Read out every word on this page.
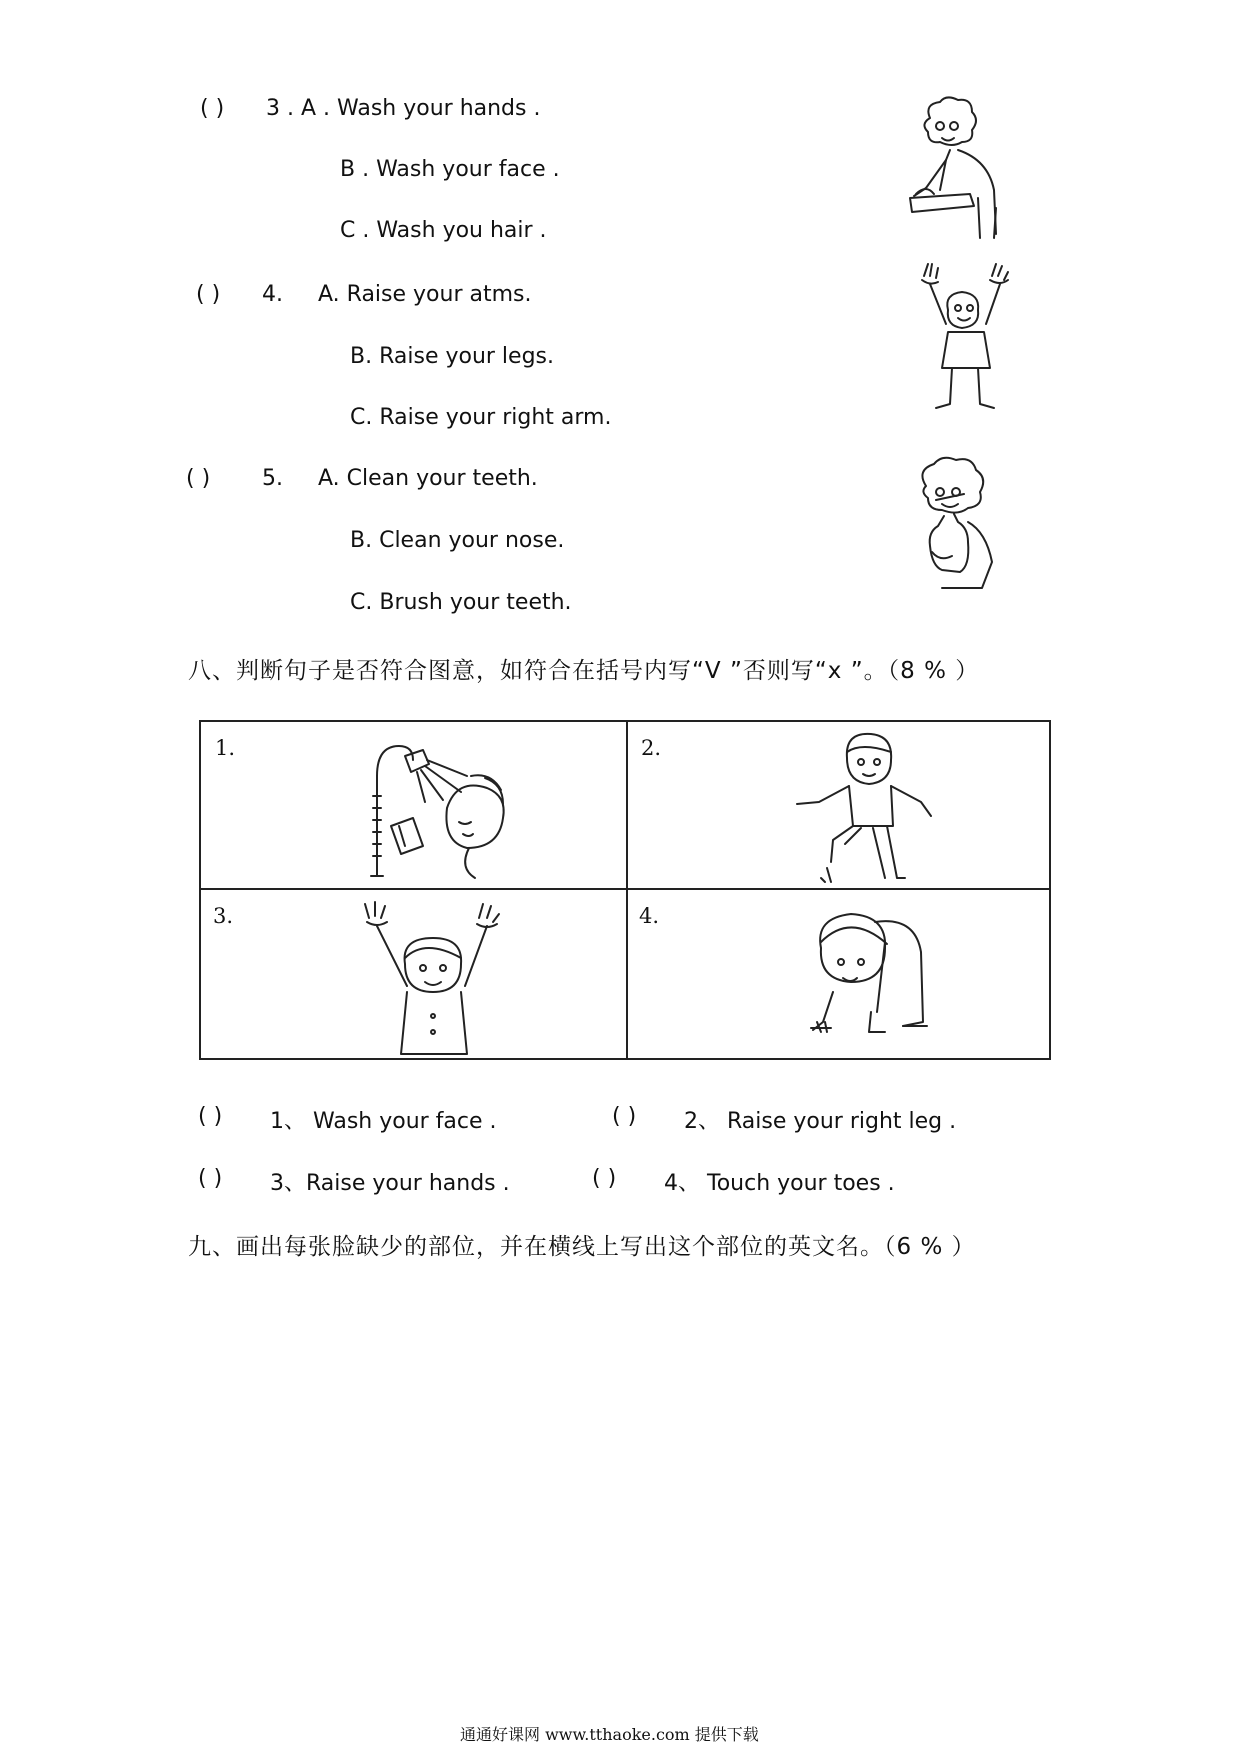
( ) 3 . A . Wash your hands .
B . Wash your face .
C . Wash you hair .
( ) 4. A. Raise your atms.
B. Raise your legs.
C. Raise your right arm.
( ) 5. A. Clean your teeth.
B. Clean your nose.
C. Brush your teeth.
八、判断句子是否符合图意，如符合在括号内写“V ”否则写“x ”。（8 % ）
1.	2.
3.	4.
( ) 1、 Wash your face .	( ) 2、 Raise your right leg .
( ) 3、Raise your hands .	( ) 4、 Touch your toes .
九、画出每张脸缺少的部位，并在横线上写出这个部位的英文名。（6 % ）
通通好课网 www.tthaoke.com 提供下载
